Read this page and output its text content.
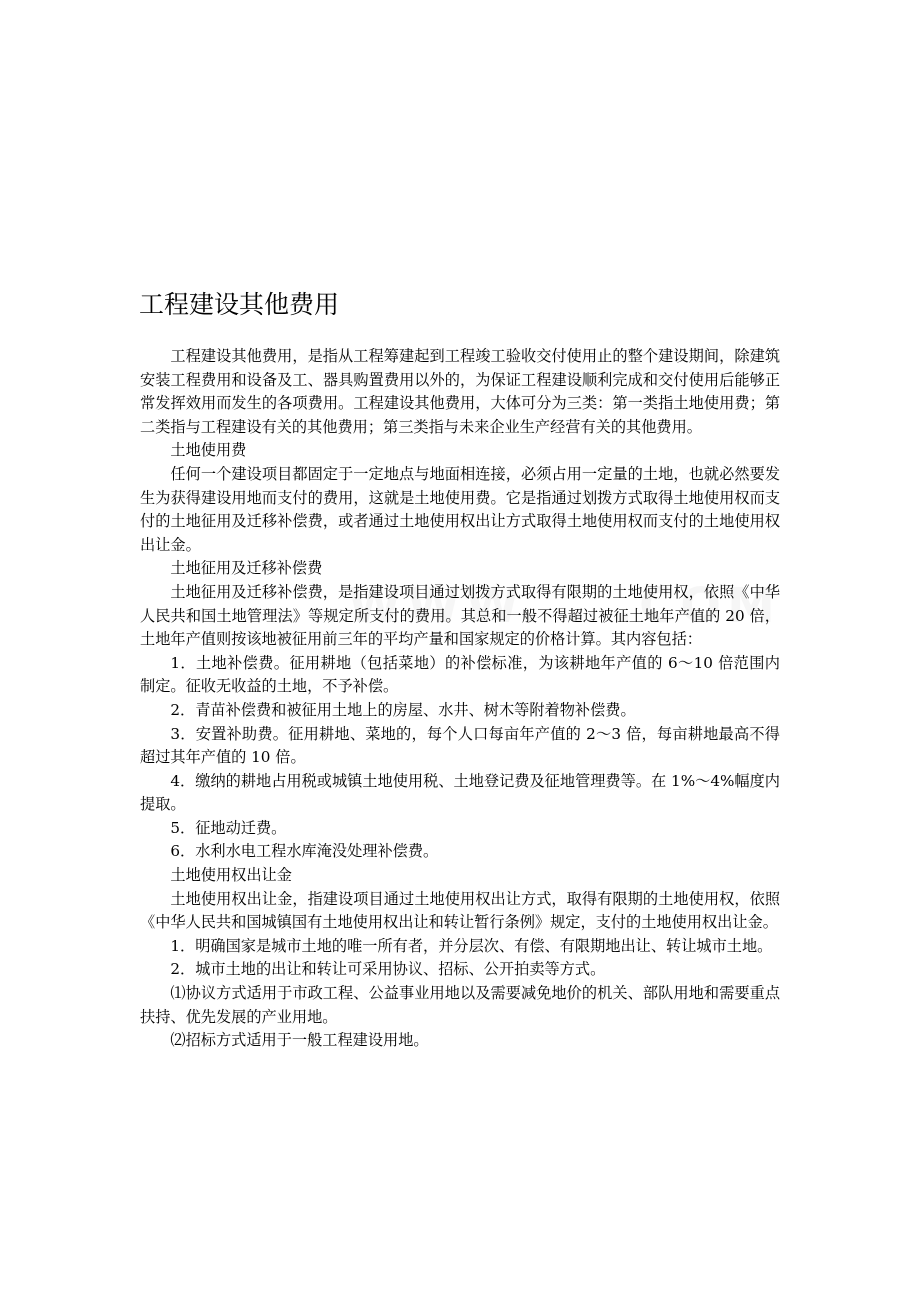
工程建设其他费用

工程建设其他费用，是指从工程筹建起到工程竣工验收交付使用止的整个建设期间，除建筑安装工程费用和设备及工、器具购置费用以外的，为保证工程建设顺利完成和交付使用后能够正常发挥效用而发生的各项费用。工程建设其他费用，大体可分为三类：第一类指土地使用费；第二类指与工程建设有关的其他费用；第三类指与未来企业生产经营有关的其他费用。

土地使用费

任何一个建设项目都固定于一定地点与地面相连接，必须占用一定量的土地，也就必然要发生为获得建设用地而支付的费用，这就是土地使用费。它是指通过划拨方式取得土地使用权而支付的土地征用及迁移补偿费，或者通过土地使用权出让方式取得土地使用权而支付的土地使用权出让金。

土地征用及迁移补偿费

土地征用及迁移补偿费，是指建设项目通过划拨方式取得有限期的土地使用权，依照《中华人民共和国土地管理法》等规定所支付的费用。其总和一般不得超过被征土地年产值的 20 倍，土地年产值则按该地被征用前三年的平均产量和国家规定的价格计算。其内容包括：

1．土地补偿费。征用耕地（包括菜地）的补偿标准，为该耕地年产值的 6～10 倍范围内制定。征收无收益的土地，不予补偿。

2．青苗补偿费和被征用土地上的房屋、水井、树木等附着物补偿费。

3．安置补助费。征用耕地、菜地的，每个人口每亩年产值的 2～3 倍，每亩耕地最高不得超过其年产值的 10 倍。

4．缴纳的耕地占用税或城镇土地使用税、土地登记费及征地管理费等。在 1%～4%幅度内提取。

5．征地动迁费。

6．水利水电工程水库淹没处理补偿费。

土地使用权出让金

土地使用权出让金，指建设项目通过土地使用权出让方式，取得有限期的土地使用权，依照《中华人民共和国城镇国有土地使用权出让和转让暂行条例》规定，支付的土地使用权出让金。

1．明确国家是城市土地的唯一所有者，并分层次、有偿、有限期地出让、转让城市土地。

2．城市土地的出让和转让可采用协议、招标、公开拍卖等方式。

⑴协议方式适用于市政工程、公益事业用地以及需要减免地价的机关、部队用地和需要重点扶持、优先发展的产业用地。

⑵招标方式适用于一般工程建设用地。
